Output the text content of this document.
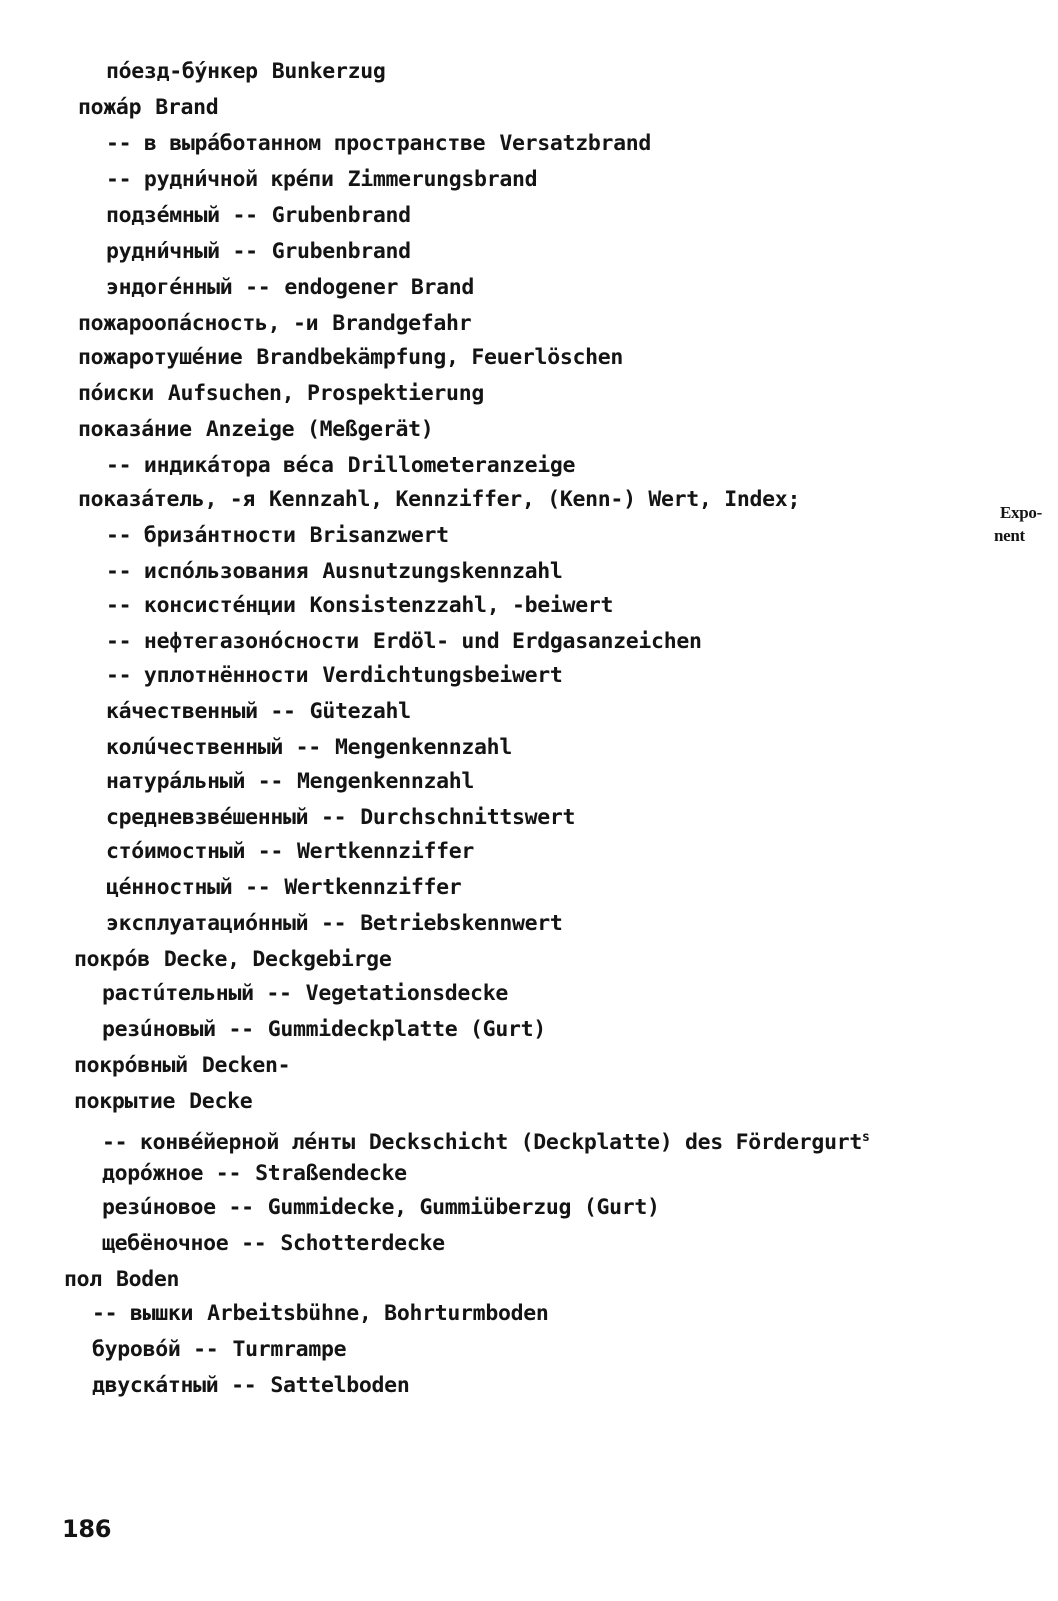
пóезд-бýнкер Bunkerzug
пожáр Brand
-- в вырáботанном пространстве Versatzbrand
-- рудни́чной крéпи Zimmerungsbrand
подзéмный -- Grubenbrand
рудни́чный -- Grubenbrand
эндогéнный -- endogener Brand
пожароопáсность, -и Brandgefahr
пожаротушéние Brandbekämpfung, Feuerlöschen
пóиски Aufsuchen, Prospektierung
показáние Anzeige (Meßgerät)
-- индикáтора вéса Drillometeranzeige
показáтель, -я Kennzahl, Kennziffer, (Kenn-) Wert, Index;
Expo-
nent
-- бризáнтности Brisanzwert
-- испóльзования Ausnutzungskennzahl
-- консистéнции Konsistenzzahl, -beiwert
-- нефтегазонóсности Erdöl- und Erdgasanzeichen
-- уплотнённости Verdichtungsbeiwert
кáчественный -- Gütezahl
колúчественный -- Mengenkennzahl
натурáльный -- Mengenkennzahl
средневзвéшенный -- Durchschnittswert
стóимостный -- Wertkennziffer
цéнностный -- Wertkennziffer
эксплуатациóнный -- Betriebskennwert
покрóв Decke, Deckgebirge
растúтельный -- Vegetationsdecke
резúновый -- Gummideckplatte (Gurt)
покрóвный Decken-
покрытие Decke
-- конвéйерной лéнты Deckschicht (Deckplatte) des Fördergurt$^s$
дорóжное -- Straßendecke
резúновое -- Gummidecke, Gummiüberzug (Gurt)
щебёночное -- Schotterdecke
пол Boden
-- вышки Arbeitsbühne, Bohrturmboden
буровóй -- Turmrampe
двускáтный -- Sattelboden
186
